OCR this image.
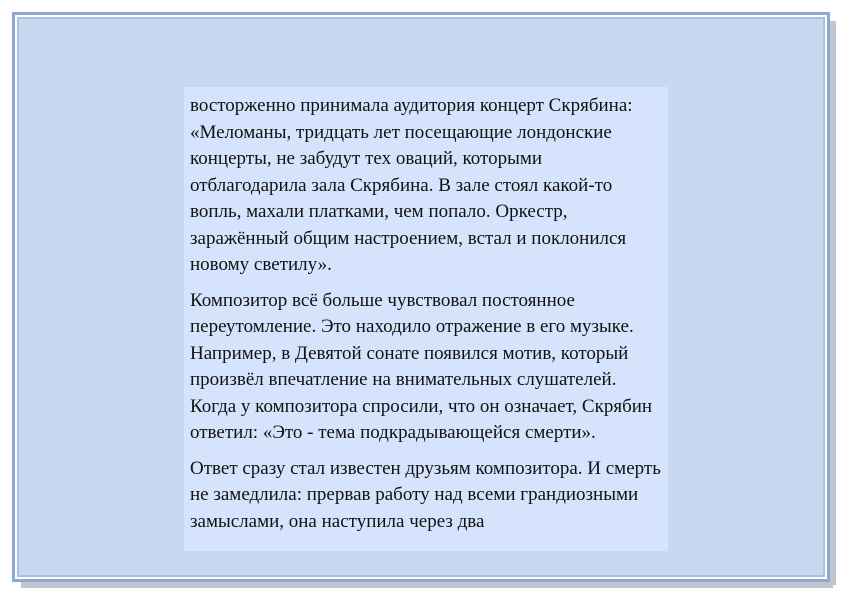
восторженно принимала аудитория концерт Скрябина: «Меломаны, тридцать лет посещающие лондонские концерты, не забудут тех оваций, которыми отблагодарила зала Скрябина. В зале стоял какой-то вопль, махали платками, чем попало. Оркестр, заражённый общим настроением, встал и поклонился новому светилу».

Композитор всё больше чувствовал постоянное переутомление. Это находило отражение в его музыке. Например, в Девятой сонате появился мотив, который произвёл впечатление на внимательных слушателей. Когда у композитора спросили, что он означает, Скрябин ответил: «Это - тема подкрадывающейся смерти».

Ответ сразу стал известен друзьям композитора. И смерть не замедлила: прервав работу над всеми грандиозными замыслами, она наступила через два
